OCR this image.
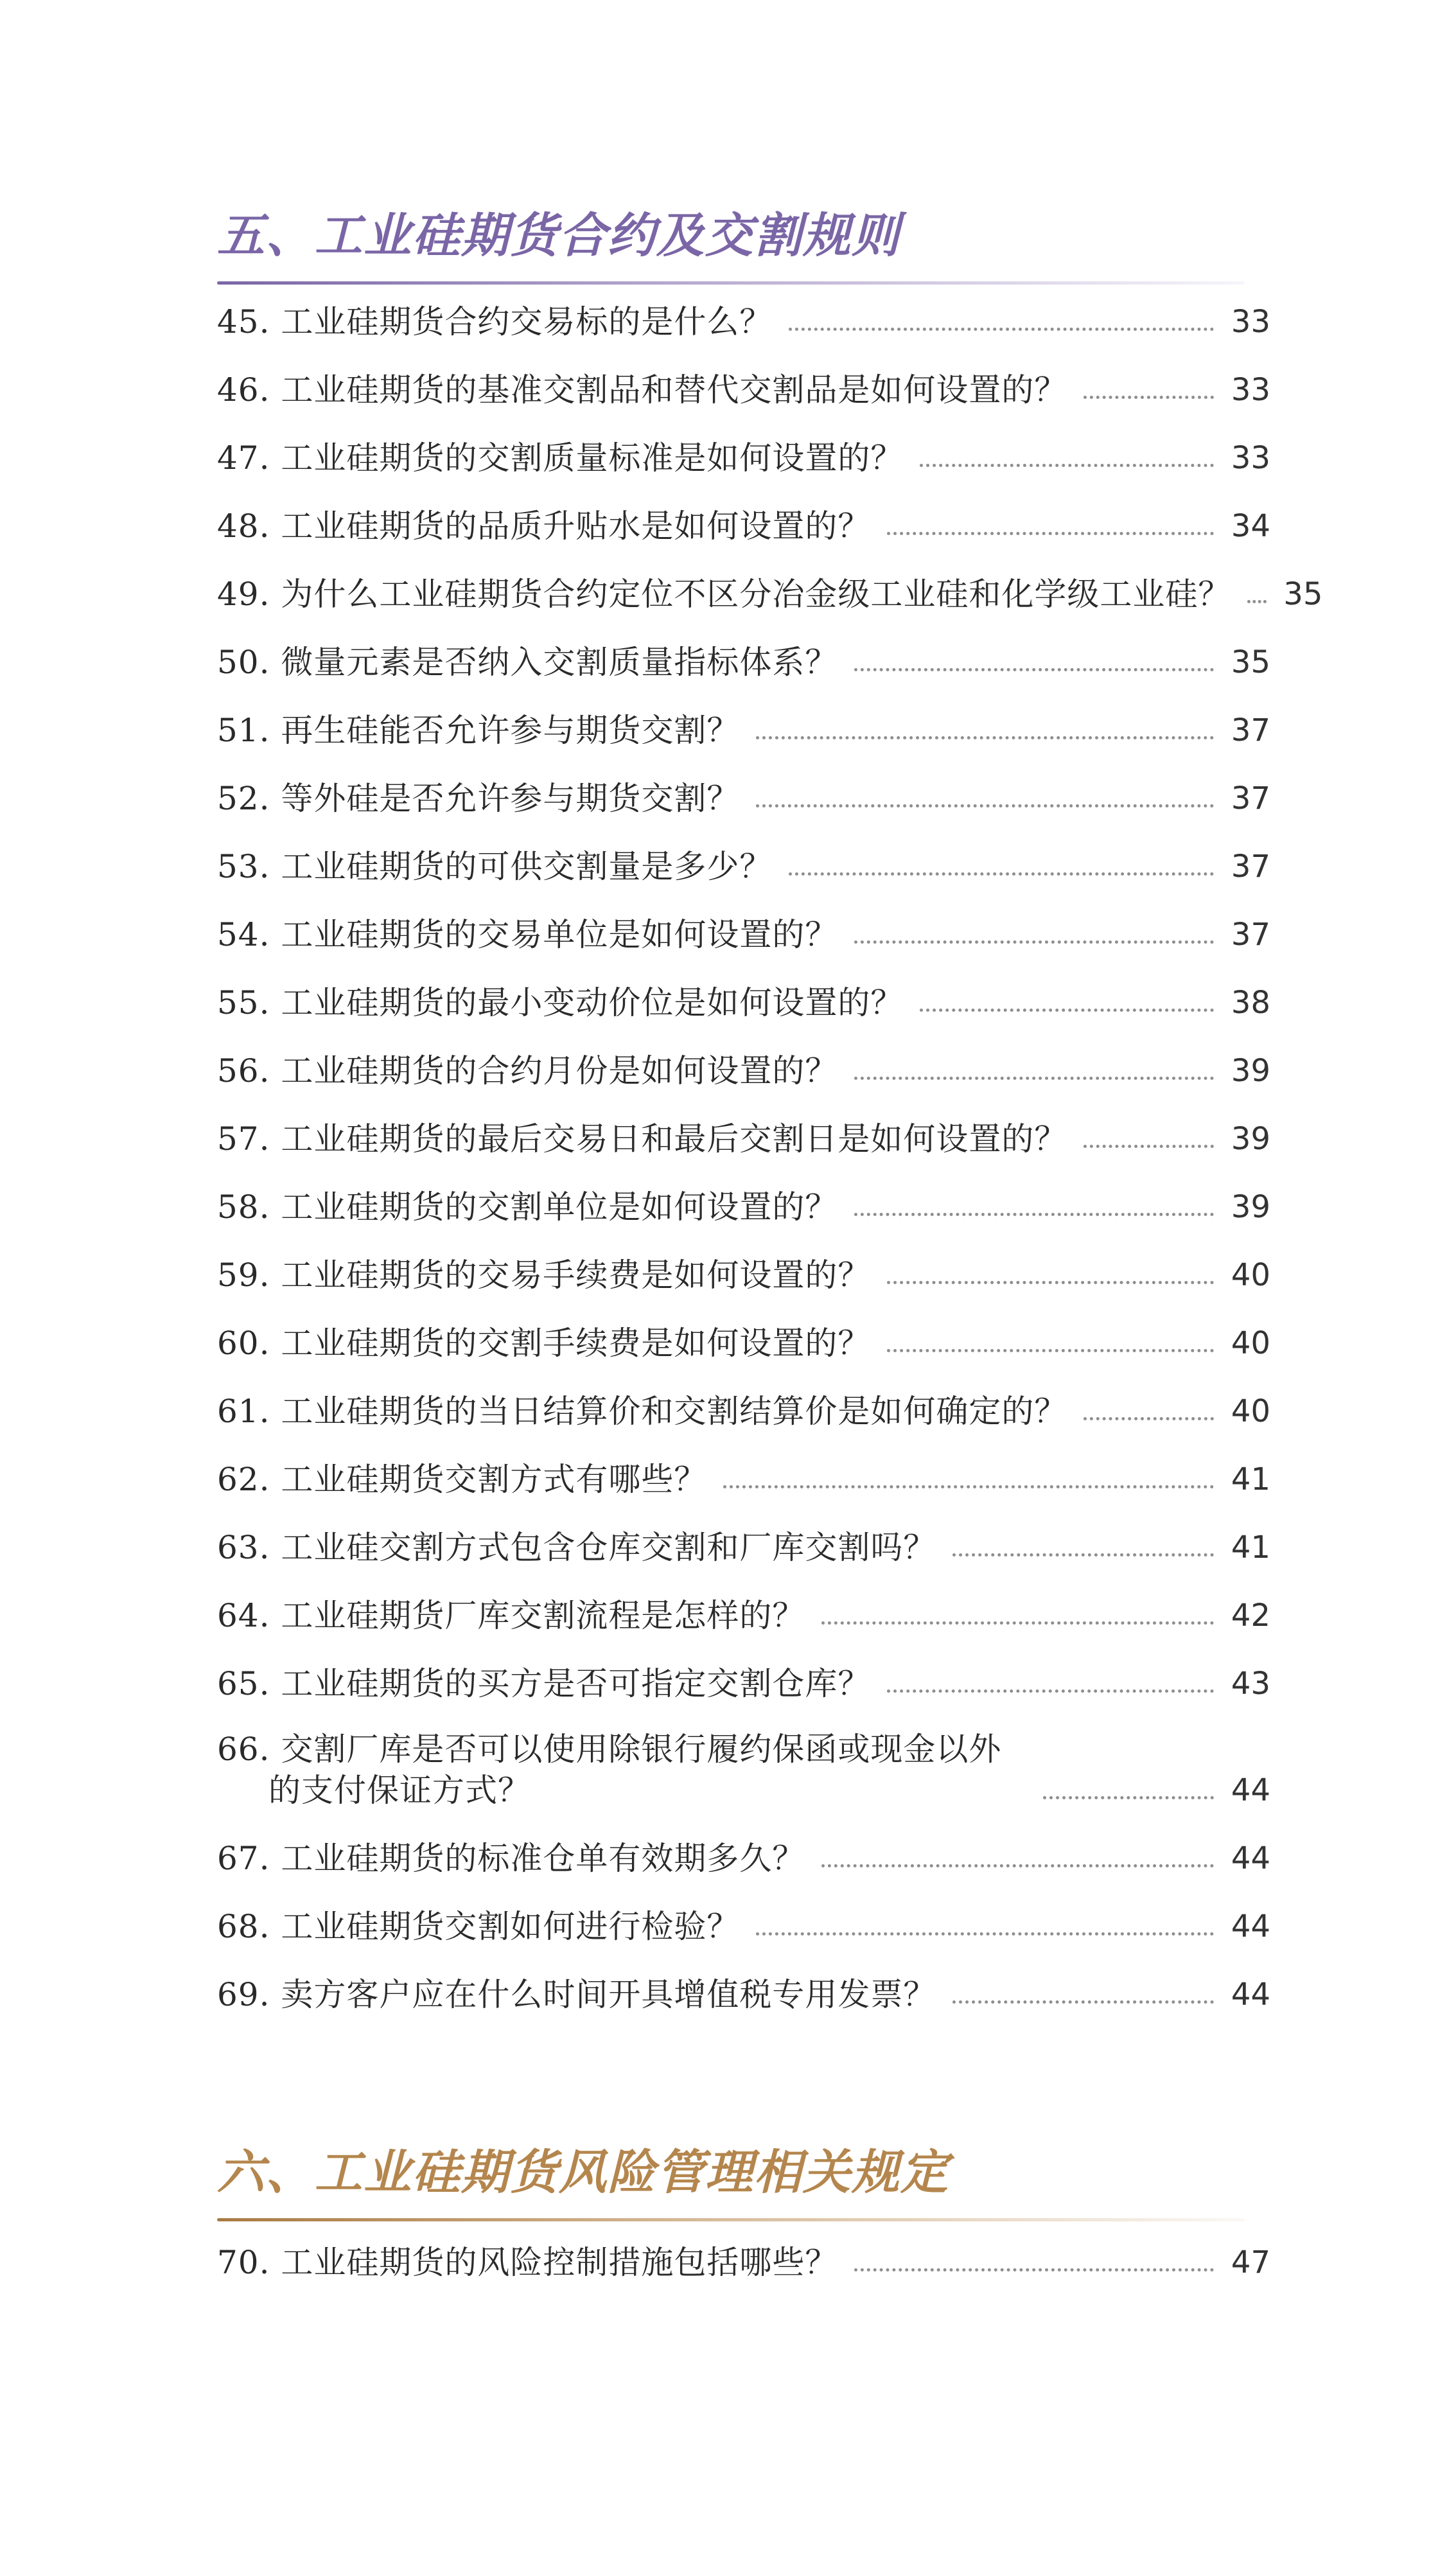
五、工业硅期货合约及交割规则
45. 工业硅期货合约交易标的是什么？	33
46. 工业硅期货的基准交割品和替代交割品是如何设置的？	33
47. 工业硅期货的交割质量标准是如何设置的？	33
48. 工业硅期货的品质升贴水是如何设置的？	34
49. 为什么工业硅期货合约定位不区分冶金级工业硅和化学级工业硅？ 35
50. 微量元素是否纳入交割质量指标体系？	35
51. 再生硅能否允许参与期货交割？	37
52. 等外硅是否允许参与期货交割？	37
53. 工业硅期货的可供交割量是多少？	37
54. 工业硅期货的交易单位是如何设置的？	37
55. 工业硅期货的最小变动价位是如何设置的？	38
56. 工业硅期货的合约月份是如何设置的？	39
57. 工业硅期货的最后交易日和最后交割日是如何设置的？	39
58. 工业硅期货的交割单位是如何设置的？	39
59. 工业硅期货的交易手续费是如何设置的？	40
60. 工业硅期货的交割手续费是如何设置的？	40
61. 工业硅期货的当日结算价和交割结算价是如何确定的？	40
62. 工业硅期货交割方式有哪些？	41
63. 工业硅交割方式包含仓库交割和厂库交割吗？	41
64. 工业硅期货厂库交割流程是怎样的？	42
65. 工业硅期货的买方是否可指定交割仓库？	43
66. 交割厂库是否可以使用除银行履约保函或现金以外的支付保证方式？	44
67. 工业硅期货的标准仓单有效期多久？	44
68. 工业硅期货交割如何进行检验？	44
69. 卖方客户应在什么时间开具增值税专用发票？	44
六、工业硅期货风险管理相关规定
70. 工业硅期货的风险控制措施包括哪些？	47
